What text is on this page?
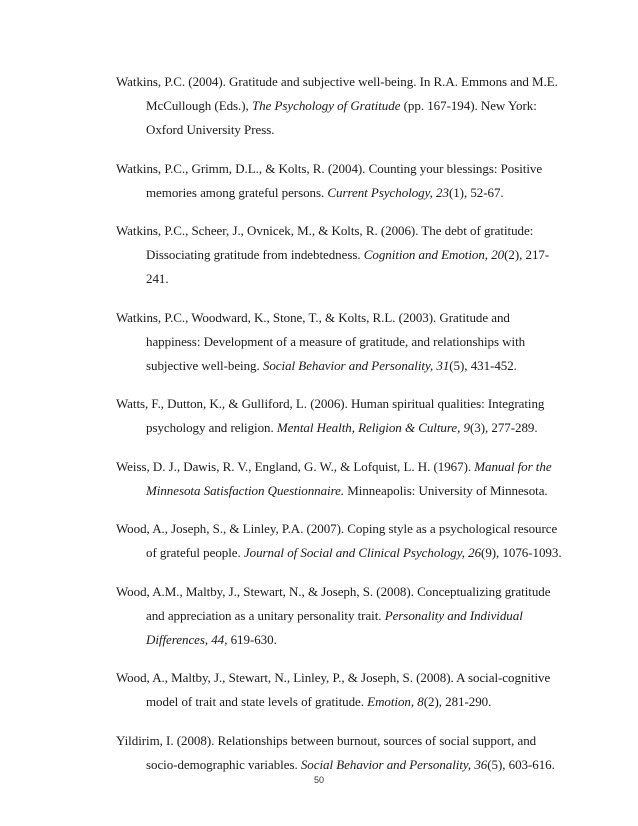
Watkins, P.C. (2004). Gratitude and subjective well-being. In R.A. Emmons and M.E. McCullough (Eds.), The Psychology of Gratitude (pp. 167-194). New York: Oxford University Press.

Watkins, P.C., Grimm, D.L., & Kolts, R. (2004). Counting your blessings: Positive memories among grateful persons. Current Psychology, 23(1), 52-67.

Watkins, P.C., Scheer, J., Ovnicek, M., & Kolts, R. (2006). The debt of gratitude: Dissociating gratitude from indebtedness. Cognition and Emotion, 20(2), 217-241.

Watkins, P.C., Woodward, K., Stone, T., & Kolts, R.L. (2003). Gratitude and happiness: Development of a measure of gratitude, and relationships with subjective well-being. Social Behavior and Personality, 31(5), 431-452.

Watts, F., Dutton, K., & Gulliford, L. (2006). Human spiritual qualities: Integrating psychology and religion. Mental Health, Religion & Culture, 9(3), 277-289.

Weiss, D. J., Dawis, R. V., England, G. W., & Lofquist, L. H. (1967). Manual for the Minnesota Satisfaction Questionnaire. Minneapolis: University of Minnesota.

Wood, A., Joseph, S., & Linley, P.A. (2007). Coping style as a psychological resource of grateful people. Journal of Social and Clinical Psychology, 26(9), 1076-1093.

Wood, A.M., Maltby, J., Stewart, N., & Joseph, S. (2008). Conceptualizing gratitude and appreciation as a unitary personality trait. Personality and Individual Differences, 44, 619-630.

Wood, A., Maltby, J., Stewart, N., Linley, P., & Joseph, S. (2008). A social-cognitive model of trait and state levels of gratitude. Emotion, 8(2), 281-290.

Yildirim, I. (2008). Relationships between burnout, sources of social support, and socio-demographic variables. Social Behavior and Personality, 36(5), 603-616.

50
